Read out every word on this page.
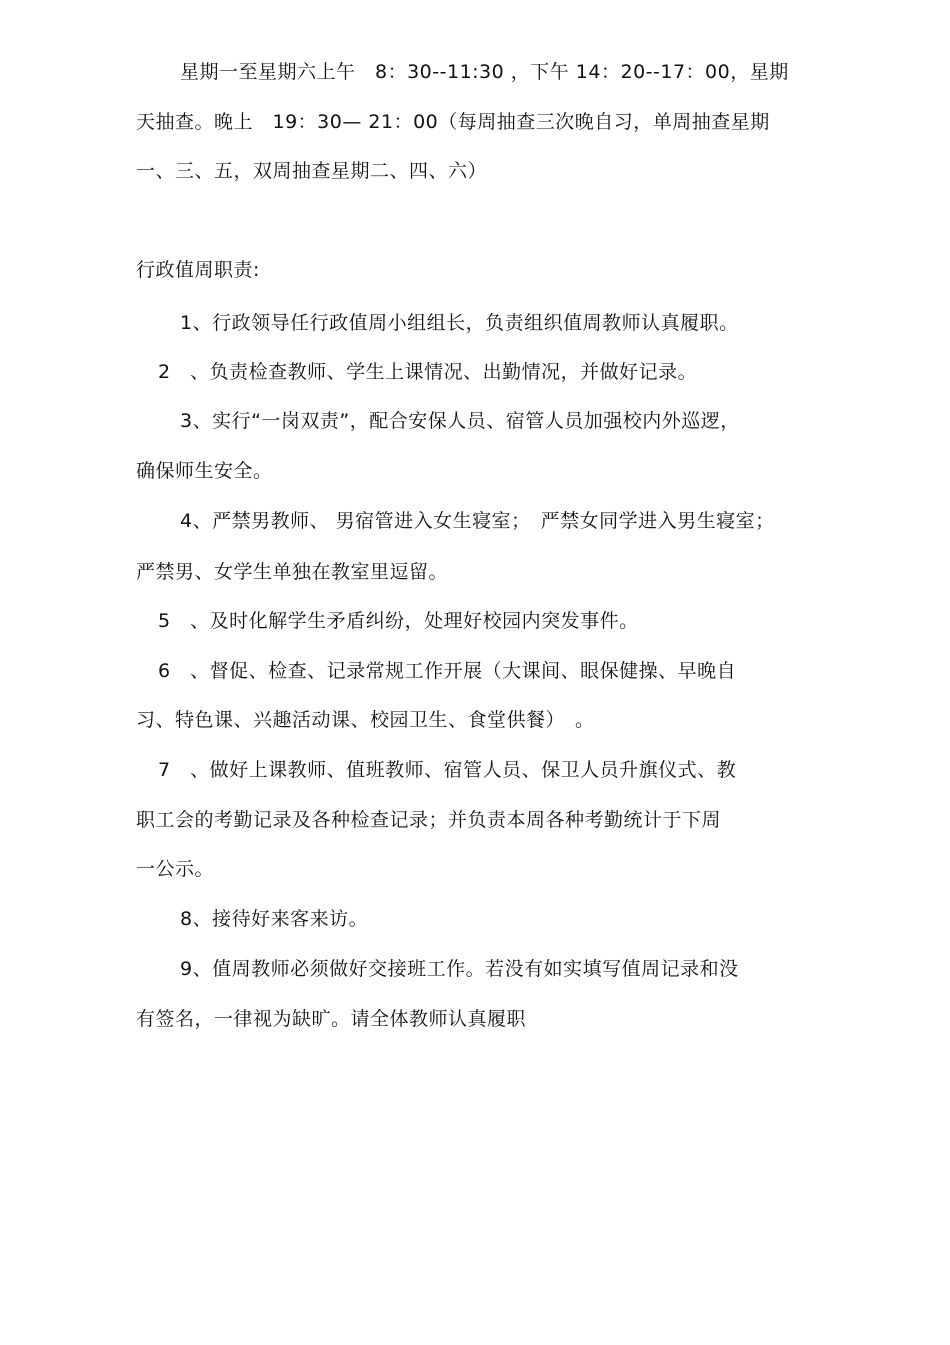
星期一至星期六上午　8：30--11:30 ，下午 14：20--17：00，星期
天抽查。晚上　19：30— 21：00（每周抽查三次晚自习，单周抽查星期
一、三、五，双周抽查星期二、四、六）
行政值周职责:
1、行政领导任行政值周小组组长，负责组织值周教师认真履职。
2　、负责检查教师、学生上课情况、出勤情况，并做好记录。
3、实行“一岗双责”，配合安保人员、宿管人员加强校内外巡逻，
确保师生安全。
4、严禁男教师、 男宿管进入女生寝室；　严禁女同学进入男生寝室；
严禁男、女学生单独在教室里逗留。
5　、及时化解学生矛盾纠纷，处理好校园内突发事件。
6　、督促、检查、记录常规工作开展（大课间、眼保健操、早晚自
习、特色课、兴趣活动课、校园卫生、食堂供餐）　。
7　、做好上课教师、值班教师、宿管人员、保卫人员升旗仪式、教
职工会的考勤记录及各种检查记录；并负责本周各种考勤统计于下周
一公示。
8、接待好来客来访。
9、值周教师必须做好交接班工作。若没有如实填写值周记录和没
有签名，一律视为缺旷。请全体教师认真履职
